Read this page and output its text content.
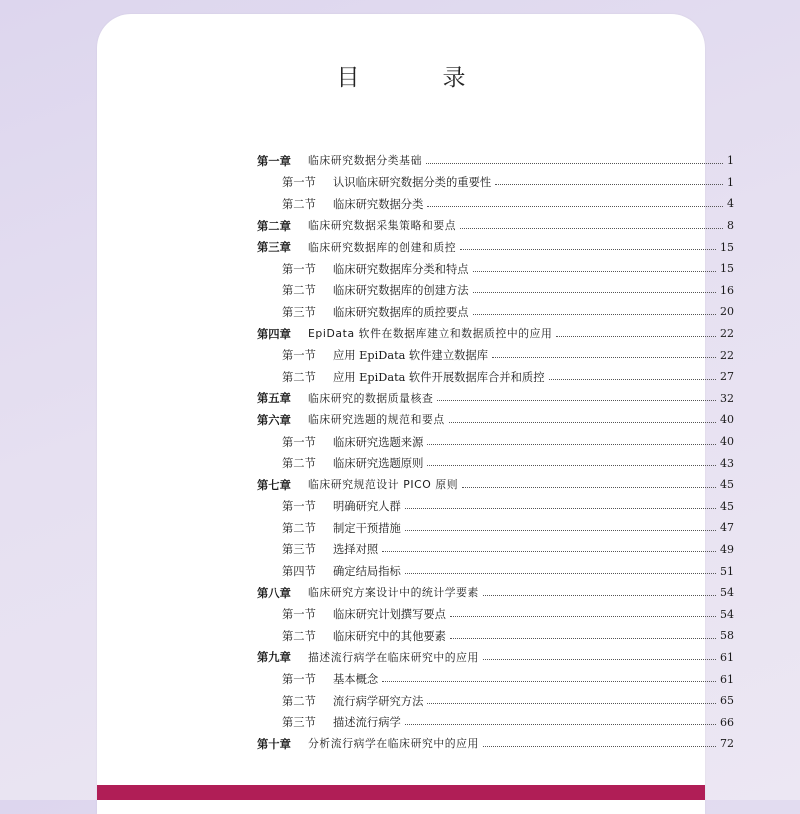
目　录
第一章	临床研究数据分类基础	1
第一节	认识临床研究数据分类的重要性	1
第二节	临床研究数据分类	4
第二章	临床研究数据采集策略和要点	8
第三章	临床研究数据库的创建和质控	15
第一节	临床研究数据库分类和特点	15
第二节	临床研究数据库的创建方法	16
第三节	临床研究数据库的质控要点	20
第四章	EpiData 软件在数据库建立和数据质控中的应用	22
第一节	应用 EpiData 软件建立数据库	22
第二节	应用 EpiData 软件开展数据库合并和质控	27
第五章	临床研究的数据质量核查	32
第六章	临床研究选题的规范和要点	40
第一节	临床研究选题来源	40
第二节	临床研究选题原则	43
第七章	临床研究规范设计 PICO 原则	45
第一节	明确研究人群	45
第二节	制定干预措施	47
第三节	选择对照	49
第四节	确定结局指标	51
第八章	临床研究方案设计中的统计学要素	54
第一节	临床研究计划撰写要点	54
第二节	临床研究中的其他要素	58
第九章	描述流行病学在临床研究中的应用	61
第一节	基本概念	61
第二节	流行病学研究方法	65
第三节	描述流行病学	66
第十章	分析流行病学在临床研究中的应用	72
